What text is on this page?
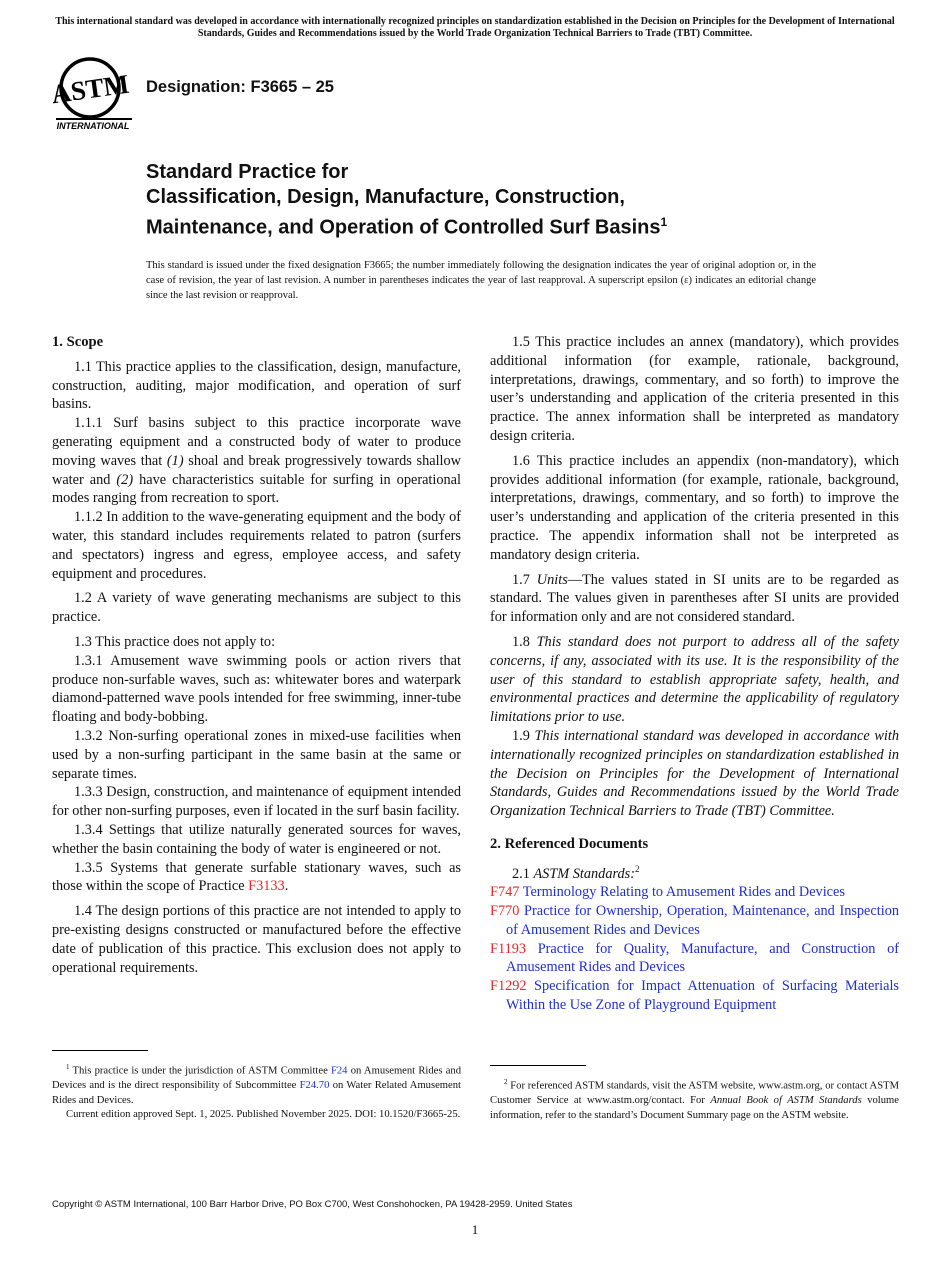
This international standard was developed in accordance with internationally recognized principles on standardization established in the Decision on Principles for the Development of International Standards, Guides and Recommendations issued by the World Trade Organization Technical Barriers to Trade (TBT) Committee.
ASTM
INTERNATIONAL
Designation: F3665 – 25
Standard Practice for
Classification, Design, Manufacture, Construction,
Maintenance, and Operation of Controlled Surf Basins$^1$
This standard is issued under the fixed designation F3665; the number immediately following the designation indicates the year of original adoption or, in the case of revision, the year of last revision. A number in parentheses indicates the year of last reapproval. A superscript epsilon (ε) indicates an editorial change since the last revision or reapproval.
1. Scope

1.1 This practice applies to the classification, design, manufacture, construction, auditing, major modification, and operation of surf basins.

1.1.1 Surf basins subject to this practice incorporate wave generating equipment and a constructed body of water to produce moving waves that (1) shoal and break progressively towards shallow water and (2) have characteristics suitable for surfing in operational modes ranging from recreation to sport.

1.1.2 In addition to the wave-generating equipment and the body of water, this standard includes requirements related to patron (surfers and spectators) ingress and egress, employee access, and safety equipment and procedures.

1.2 A variety of wave generating mechanisms are subject to this practice.

1.3 This practice does not apply to:

1.3.1 Amusement wave swimming pools or action rivers that produce non-surfable waves, such as: whitewater bores and waterpark diamond-patterned wave pools intended for free swimming, inner-tube floating and body-bobbing.

1.3.2 Non-surfing operational zones in mixed-use facilities when used by a non-surfing participant in the same basin at the same or separate times.

1.3.3 Design, construction, and maintenance of equipment intended for other non-surfing purposes, even if located in the surf basin facility.

1.3.4 Settings that utilize naturally generated sources for waves, whether the basin containing the body of water is engineered or not.

1.3.5 Systems that generate surfable stationary waves, such as those within the scope of Practice F3133.

1.4 The design portions of this practice are not intended to apply to pre-existing designs constructed or manufactured before the effective date of publication of this practice. This exclusion does not apply to operational requirements.

1.5 This practice includes an annex (mandatory), which provides additional information (for example, rationale, background, interpretations, drawings, commentary, and so forth) to improve the user’s understanding and application of the criteria presented in this practice. The annex information shall be interpreted as mandatory design criteria.

1.6 This practice includes an appendix (non-mandatory), which provides additional information (for example, rationale, background, interpretations, drawings, commentary, and so forth) to improve the user’s understanding and application of the criteria presented in this practice. The appendix information shall not be interpreted as mandatory design criteria.

1.7 Units—The values stated in SI units are to be regarded as standard. The values given in parentheses after SI units are provided for information only and are not considered standard.

1.8 This standard does not purport to address all of the safety concerns, if any, associated with its use. It is the responsibility of the user of this standard to establish appropriate safety, health, and environmental practices and determine the applicability of regulatory limitations prior to use.

1.9 This international standard was developed in accordance with internationally recognized principles on standardization established in the Decision on Principles for the Development of International Standards, Guides and Recommendations issued by the World Trade Organization Technical Barriers to Trade (TBT) Committee.

2. Referenced Documents

2.1 ASTM Standards:$^2$

F747 Terminology Relating to Amusement Rides and Devices

F770 Practice for Ownership, Operation, Maintenance, and Inspection of Amusement Rides and Devices

F1193 Practice for Quality, Manufacture, and Construction of Amusement Rides and Devices

F1292 Specification for Impact Attenuation of Surfacing Materials Within the Use Zone of Playground Equipment

$^1$ This practice is under the jurisdiction of ASTM Committee F24 on Amusement Rides and Devices and is the direct responsibility of Subcommittee F24.70 on Water Related Amusement Rides and Devices.

Current edition approved Sept. 1, 2025. Published November 2025. DOI: 10.1520/F3665-25.

$^2$ For referenced ASTM standards, visit the ASTM website, www.astm.org, or contact ASTM Customer Service at www.astm.org/contact. For Annual Book of ASTM Standards volume information, refer to the standard’s Document Summary page on the ASTM website.

Copyright © ASTM International, 100 Barr Harbor Drive, PO Box C700, West Conshohocken, PA 19428-2959. United States
1
